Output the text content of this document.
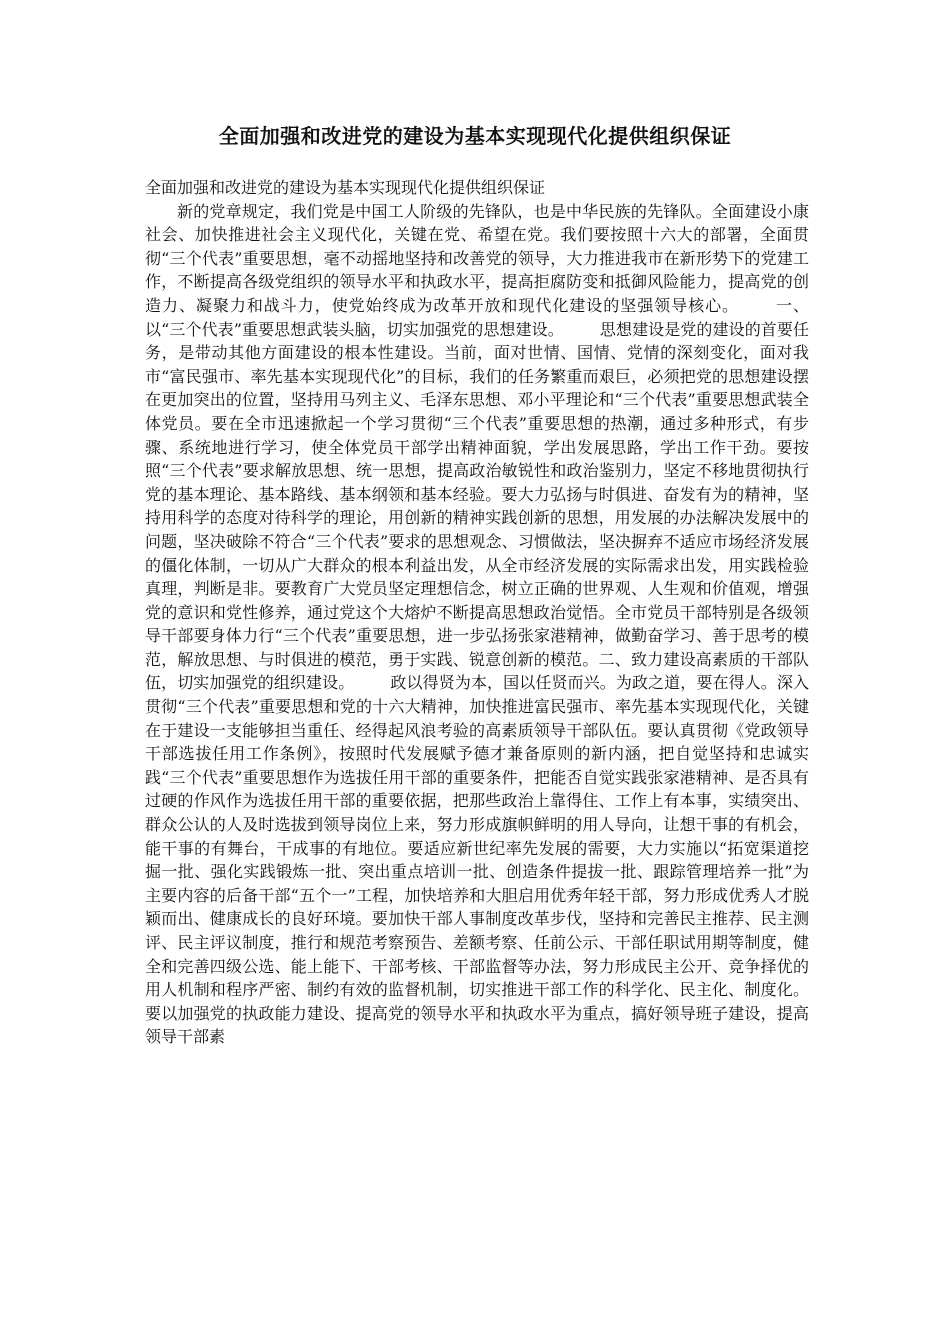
全面加强和改进党的建设为基本实现现代化提供组织保证

全面加强和改进党的建设为基本实现现代化提供组织保证

新的党章规定，我们党是中国工人阶级的先锋队，也是中华民族的先锋队。全面建设小康社会、加快推进社会主义现代化，关键在党、希望在党。我们要按照十六大的部署，全面贯彻“三个代表”重要思想，毫不动摇地坚持和改善党的领导，大力推进我市在新形势下的党建工作，不断提高各级党组织的领导水平和执政水平，提高拒腐防变和抵御风险能力，提高党的创造力、凝聚力和战斗力，使党始终成为改革开放和现代化建设的坚强领导核心。 一、以“三个代表”重要思想武装头脑，切实加强党的思想建设。 思想建设是党的建设的首要任务，是带动其他方面建设的根本性建设。当前，面对世情、国情、党情的深刻变化，面对我市“富民强市、率先基本实现现代化”的目标，我们的任务繁重而艰巨，必须把党的思想建设摆在更加突出的位置，坚持用马列主义、毛泽东思想、邓小平理论和“三个代表”重要思想武装全体党员。要在全市迅速掀起一个学习贯彻“三个代表”重要思想的热潮，通过多种形式，有步骤、系统地进行学习，使全体党员干部学出精神面貌，学出发展思路，学出工作干劲。要按照“三个代表”要求解放思想、统一思想，提高政治敏锐性和政治鉴别力，坚定不移地贯彻执行党的基本理论、基本路线、基本纲领和基本经验。要大力弘扬与时俱进、奋发有为的精神，坚持用科学的态度对待科学的理论，用创新的精神实践创新的思想，用发展的办法解决发展中的问题，坚决破除不符合“三个代表”要求的思想观念、习惯做法，坚决摒弃不适应市场经济发展的僵化体制，一切从广大群众的根本利益出发，从全市经济发展的实际需求出发，用实践检验真理，判断是非。要教育广大党员坚定理想信念，树立正确的世界观、人生观和价值观，增强党的意识和党性修养，通过党这个大熔炉不断提高思想政治觉悟。全市党员干部特别是各级领导干部要身体力行“三个代表”重要思想，进一步弘扬张家港精神，做勤奋学习、善于思考的模范，解放思想、与时俱进的模范，勇于实践、锐意创新的模范。二、致力建设高素质的干部队伍，切实加强党的组织建设。 政以得贤为本，国以任贤而兴。为政之道，要在得人。深入贯彻“三个代表”重要思想和党的十六大精神，加快推进富民强市、率先基本实现现代化，关键在于建设一支能够担当重任、经得起风浪考验的高素质领导干部队伍。要认真贯彻《党政领导干部选拔任用工作条例》，按照时代发展赋予德才兼备原则的新内涵，把自觉坚持和忠诚实践“三个代表”重要思想作为选拔任用干部的重要条件，把能否自觉实践张家港精神、是否具有过硬的作风作为选拔任用干部的重要依据，把那些政治上靠得住、工作上有本事，实绩突出、群众公认的人及时选拔到领导岗位上来，努力形成旗帜鲜明的用人导向，让想干事的有机会，能干事的有舞台，干成事的有地位。要适应新世纪率先发展的需要，大力实施以“拓宽渠道挖掘一批、强化实践锻炼一批、突出重点培训一批、创造条件提拔一批、跟踪管理培养一批”为主要内容的后备干部“五个一”工程，加快培养和大胆启用优秀年轻干部，努力形成优秀人才脱颖而出、健康成长的良好环境。要加快干部人事制度改革步伐，坚持和完善民主推荐、民主测评、民主评议制度，推行和规范考察预告、差额考察、任前公示、干部任职试用期等制度，健全和完善四级公选、能上能下、干部考核、干部监督等办法，努力形成民主公开、竞争择优的用人机制和程序严密、制约有效的监督机制，切实推进干部工作的科学化、民主化、制度化。要以加强党的执政能力建设、提高党的领导水平和执政水平为重点，搞好领导班子建设，提高领导干部素
